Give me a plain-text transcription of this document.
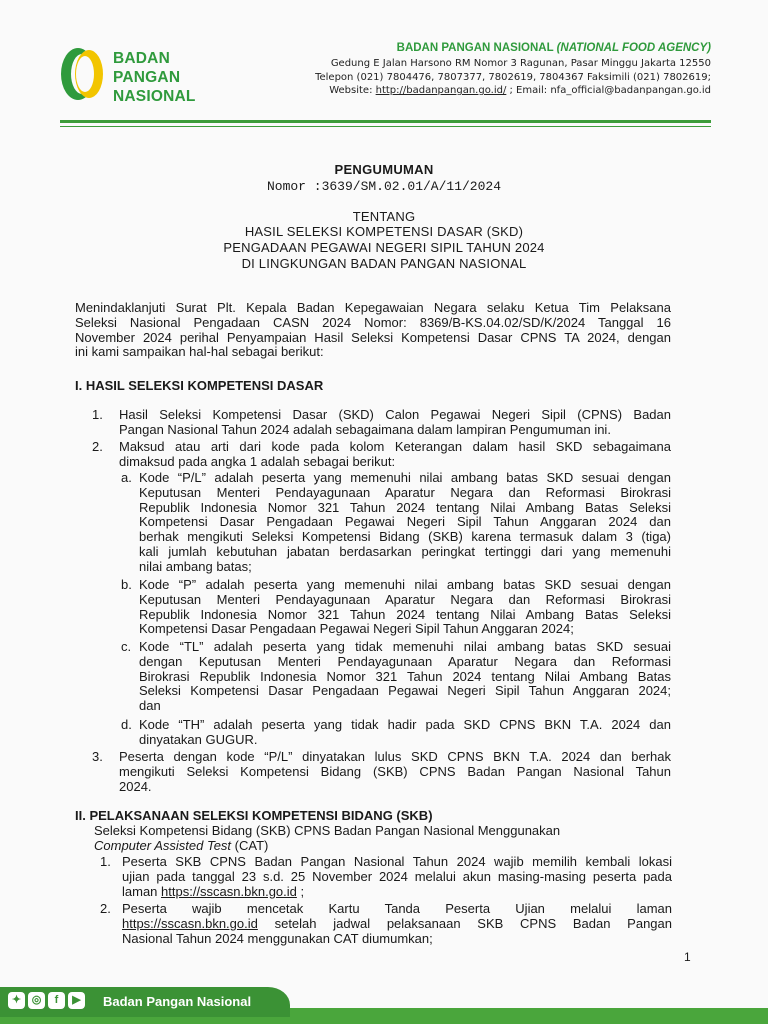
BADAN
PANGAN
NASIONAL
BADAN PANGAN NASIONAL (NATIONAL FOOD AGENCY)
Gedung E Jalan Harsono RM Nomor 3 Ragunan, Pasar Minggu Jakarta 12550
Telepon (021) 7804476, 7807377, 7802619, 7804367 Faksimili (021) 7802619;
Website: http://badanpangan.go.id/ ; Email: nfa_official@badanpangan.go.id
PENGUMUMAN
Nomor :3639/SM.02.01/A/11/2024
TENTANG
HASIL SELEKSI KOMPETENSI DASAR (SKD)
PENGADAAN PEGAWAI NEGERI SIPIL TAHUN 2024
DI LINGKUNGAN BADAN PANGAN NASIONAL
Menindaklanjuti Surat Plt. Kepala Badan Kepegawaian Negara selaku Ketua Tim Pelaksana
Seleksi Nasional Pengadaan CASN 2024 Nomor: 8369/B-KS.04.02/SD/K/2024 Tanggal 16
November 2024 perihal Penyampaian Hasil Seleksi Kompetensi Dasar CPNS TA 2024, dengan
ini kami sampaikan hal-hal sebagai berikut:
I. HASIL SELEKSI KOMPETENSI DASAR
1. Hasil Seleksi Kompetensi Dasar (SKD) Calon Pegawai Negeri Sipil (CPNS) Badan
Pangan Nasional Tahun 2024 adalah sebagaimana dalam lampiran Pengumuman ini.
2. Maksud atau arti dari kode pada kolom Keterangan dalam hasil SKD sebagaimana
dimaksud pada angka 1 adalah sebagai berikut:
a. Kode “P/L” adalah peserta yang memenuhi nilai ambang batas SKD sesuai dengan
Keputusan Menteri Pendayagunaan Aparatur Negara dan Reformasi Birokrasi
Republik Indonesia Nomor 321 Tahun 2024 tentang Nilai Ambang Batas Seleksi
Kompetensi Dasar Pengadaan Pegawai Negeri Sipil Tahun Anggaran 2024 dan
berhak mengikuti Seleksi Kompetensi Bidang (SKB) karena termasuk dalam 3 (tiga)
kali jumlah kebutuhan jabatan berdasarkan peringkat tertinggi dari yang memenuhi
nilai ambang batas;
b. Kode “P” adalah peserta yang memenuhi nilai ambang batas SKD sesuai dengan
Keputusan Menteri Pendayagunaan Aparatur Negara dan Reformasi Birokrasi
Republik Indonesia Nomor 321 Tahun 2024 tentang Nilai Ambang Batas Seleksi
Kompetensi Dasar Pengadaan Pegawai Negeri Sipil Tahun Anggaran 2024;
c. Kode “TL” adalah peserta yang tidak memenuhi nilai ambang batas SKD sesuai
dengan Keputusan Menteri Pendayagunaan Aparatur Negara dan Reformasi
Birokrasi Republik Indonesia Nomor 321 Tahun 2024 tentang Nilai Ambang Batas
Seleksi Kompetensi Dasar Pengadaan Pegawai Negeri Sipil Tahun Anggaran 2024;
dan
d. Kode “TH” adalah peserta yang tidak hadir pada SKD CPNS BKN T.A. 2024 dan
dinyatakan GUGUR.
3. Peserta dengan kode “P/L” dinyatakan lulus SKD CPNS BKN T.A. 2024 dan berhak
mengikuti Seleksi Kompetensi Bidang (SKB) CPNS Badan Pangan Nasional Tahun
2024.
II. PELAKSANAAN SELEKSI KOMPETENSI BIDANG (SKB)
Seleksi Kompetensi Bidang (SKB) CPNS Badan Pangan Nasional Menggunakan
Computer Assisted Test (CAT)
1. Peserta SKB CPNS Badan Pangan Nasional Tahun 2024 wajib memilih kembali lokasi
ujian pada tanggal 23 s.d. 25 November 2024 melalui akun masing-masing peserta pada
laman https://sscasn.bkn.go.id ;
2. Peserta wajib mencetak Kartu Tanda Peserta Ujian melalui laman
https://sscasn.bkn.go.id setelah jadwal pelaksanaan SKB CPNS Badan Pangan
Nasional Tahun 2024 menggunakan CAT diumumkan;
1
✦ ◎	f	▶	Badan Pangan Nasional
